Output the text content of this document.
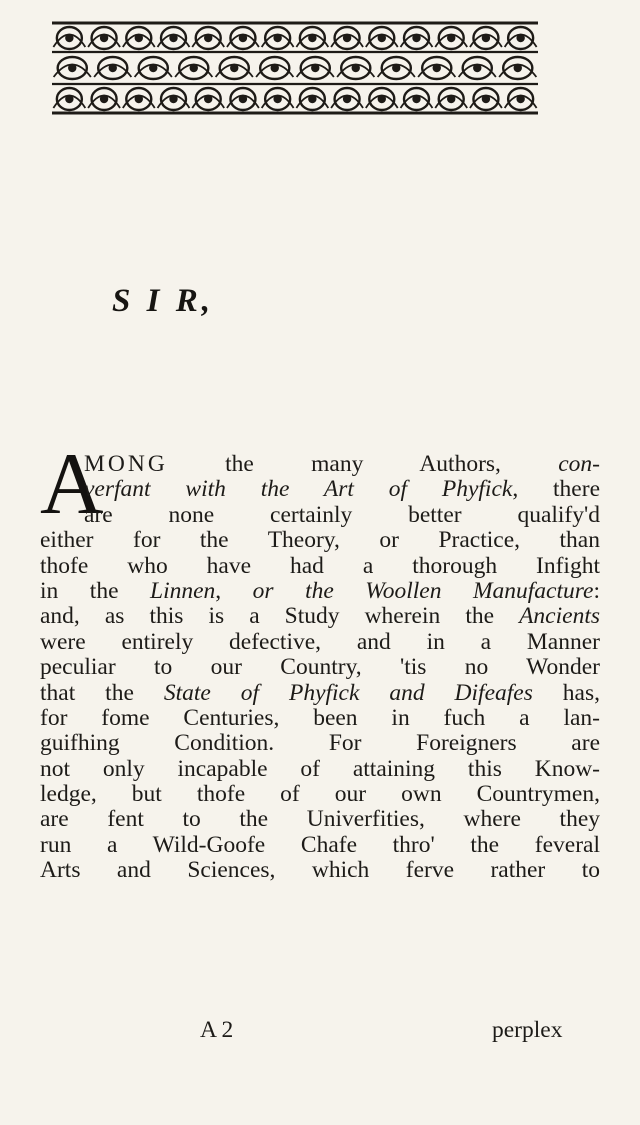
S I R,
A
MONG the many Authors, con-
verfant with the Art of Phyfick, there
are none certainly better qualify'd
either for the Theory, or Practice, than
thofe who have had a thorough Infight
in the Linnen, or the Woollen Manufacture:
and, as this is a Study wherein the Ancients
were entirely defective, and in a Manner
peculiar to our Country, 'tis no Wonder
that the State of Phyfick and Difeafes has,
for fome Centuries, been in fuch a lan-
guifhing Condition. For Foreigners are
not only incapable of attaining this Know-
ledge, but thofe of our own Countrymen,
are fent to the Univerfities, where they
run a Wild-Goofe Chafe thro' the feveral
Arts and Sciences, which ferve rather to
A 2	perplex
